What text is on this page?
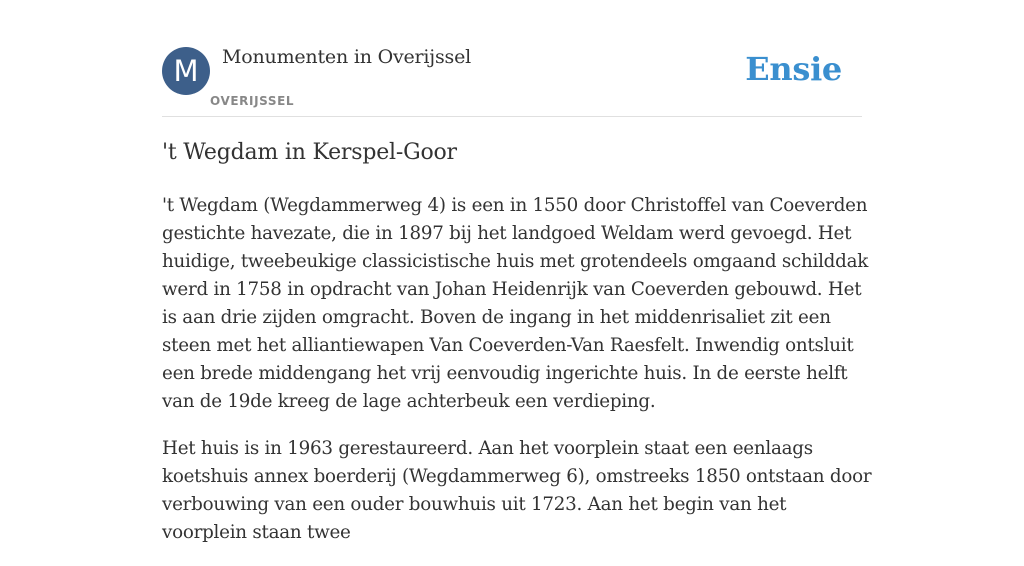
M	Monumenten in Overijssel
OVERIJSSEL
Ensie
't Wegdam in Kerspel-Goor

't Wegdam (Wegdammerweg 4) is een in 1550 door Christoffel van Coeverden gestichte havezate, die in 1897 bij het landgoed Weldam werd gevoegd. Het huidige, tweebeukige classicistische huis met grotendeels omgaand schilddak werd in 1758 in opdracht van Johan Heidenrijk van Coeverden gebouwd. Het is aan drie zijden omgracht. Boven de ingang in het middenrisaliet zit een steen met het alliantiewapen Van Coeverden-Van Raesfelt. Inwendig ontsluit een brede middengang het vrij eenvoudig ingerichte huis. In de eerste helft van de 19de kreeg de lage achterbeuk een verdieping.

Het huis is in 1963 gerestaureerd. Aan het voorplein staat een eenlaags koetshuis annex boerderij (Wegdammerweg 6), omstreeks 1850 ontstaan door verbouwing van een ouder bouwhuis uit 1723. Aan het begin van het voorplein staan twee
